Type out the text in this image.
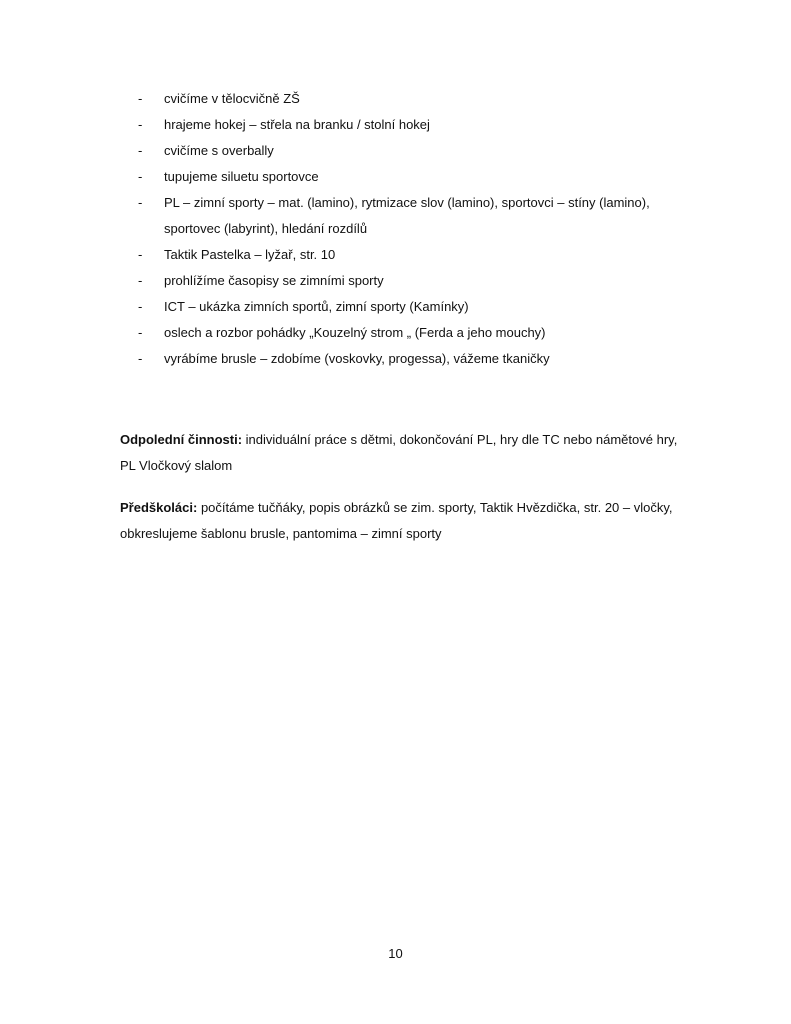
-	cvičíme v tělocvičně ZŠ
-	hrajeme hokej – střela na branku / stolní hokej
-	cvičíme s overbally
-	tupujeme siluetu sportovce
-	PL – zimní sporty – mat. (lamino), rytmizace slov (lamino), sportovci – stíny (lamino), sportovec (labyrint), hledání rozdílů
-	Taktik Pastelka – lyžař, str. 10
-	prohlížíme časopisy se zimními sporty
-	ICT – ukázka zimních sportů, zimní sporty (Kamínky)
-	oslech a rozbor pohádky „Kouzelný strom „ (Ferda a jeho mouchy)
-	vyrábíme brusle – zdobíme (voskovky, progessa), vážeme tkaničky

Odpolední činnosti: individuální práce s dětmi, dokončování PL, hry dle TC nebo námětové hry, PL Vločkový slalom

Předškoláci: počítáme tučňáky, popis obrázků se zim. sporty, Taktik Hvězdička, str. 20 – vločky, obkreslujeme šablonu brusle, pantomima – zimní sporty

10
